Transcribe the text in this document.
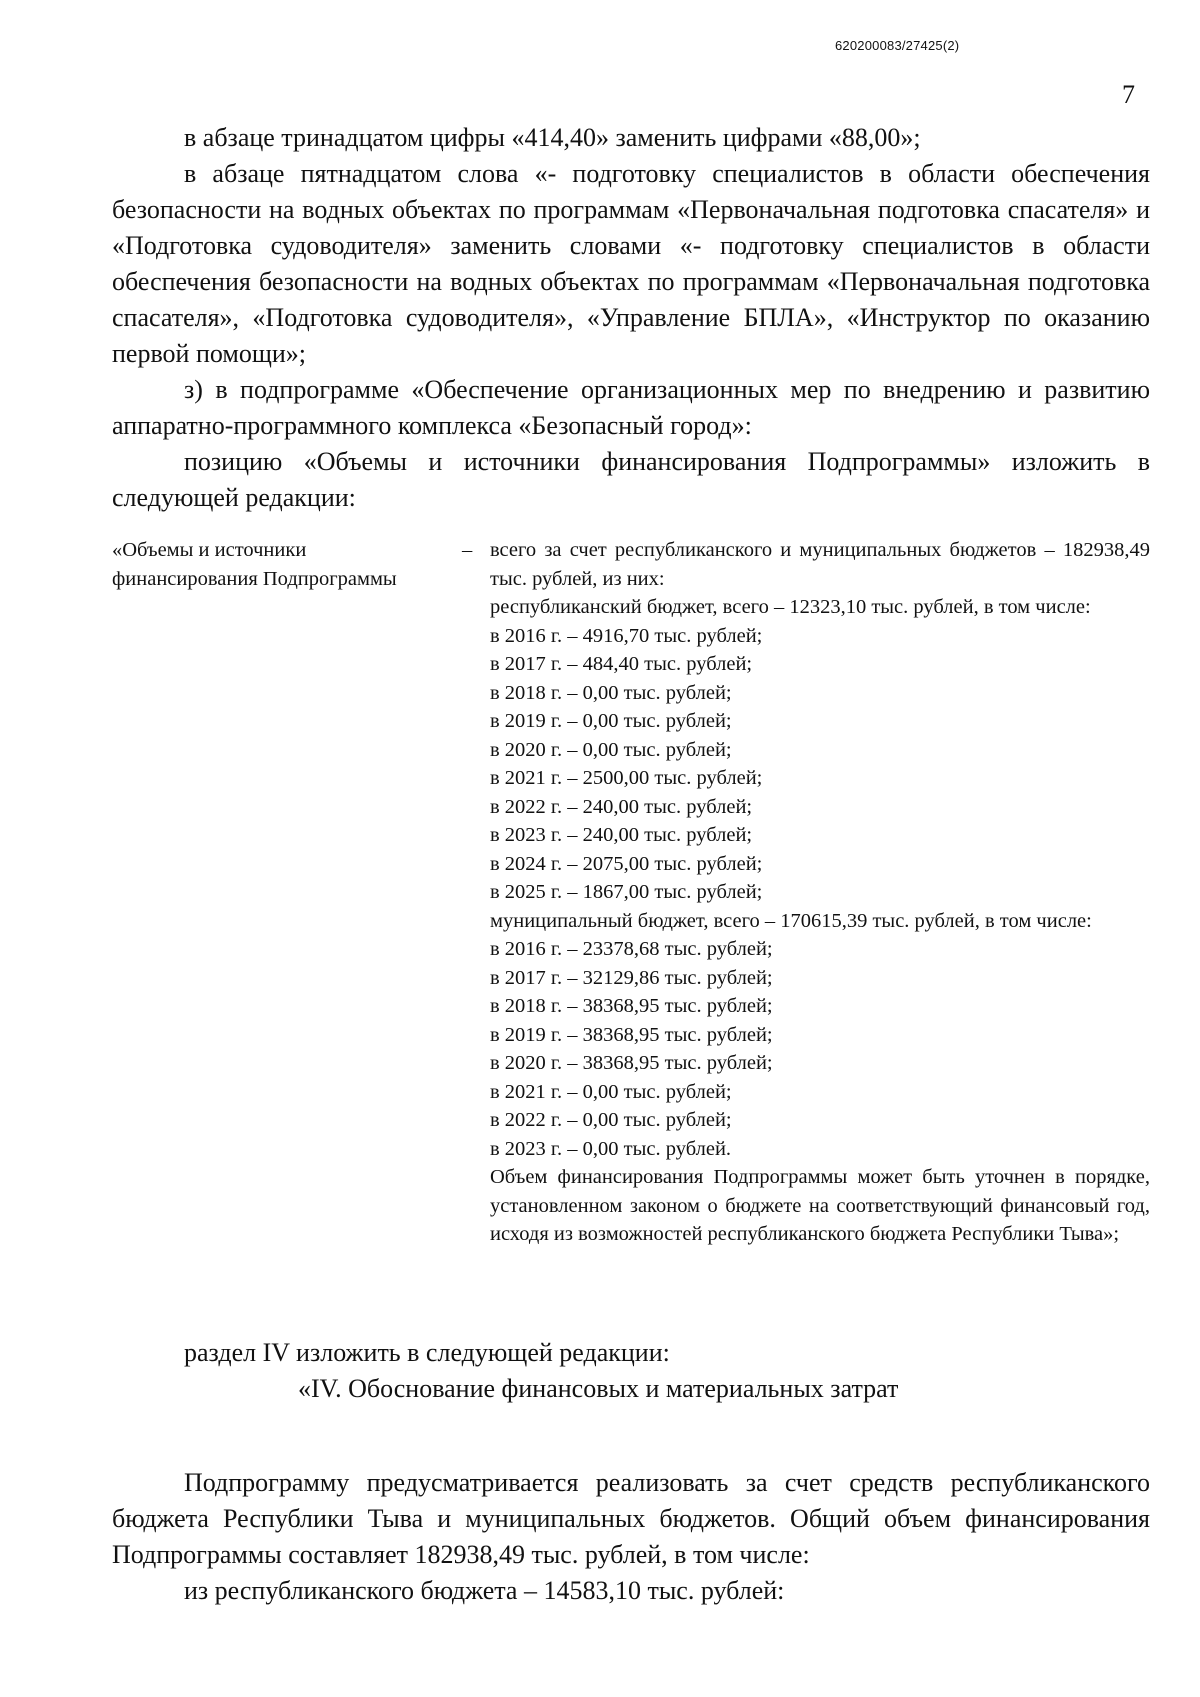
620200083/27425(2)
7

в абзаце тринадцатом цифры «414,40» заменить цифрами «88,00»;

в абзаце пятнадцатом слова «- подготовку специалистов в области обеспечения безопасности на водных объектах по программам «Первоначальная подготовка спасателя» и «Подготовка судоводителя» заменить словами «- подготовку специалистов в области обеспечения безопасности на водных объектах по программам «Первоначальная подготовка спасателя», «Подготовка судоводителя», «Управление БПЛА», «Инструктор по оказанию первой помощи»;

з) в подпрограмме «Обеспечение организационных мер по внедрению и развитию аппаратно-программного комплекса «Безопасный город»:

позицию «Объемы и источники финансирования Подпрограммы» изложить в следующей редакции:

«Объемы и источники финансирования Подпрограммы
– всего за счет республиканского и муниципальных бюджетов – 182938,49 тыс. рублей, из них:

республиканский бюджет, всего – 12323,10 тыс. рублей, в том числе:

в 2016 г. – 4916,70 тыс. рублей;
в 2017 г. – 484,40 тыс. рублей;
в 2018 г. – 0,00 тыс. рублей;
в 2019 г. – 0,00 тыс. рублей;
в 2020 г. – 0,00 тыс. рублей;
в 2021 г. – 2500,00 тыс. рублей;
в 2022 г. – 240,00 тыс. рублей;
в 2023 г. – 240,00 тыс. рублей;
в 2024 г. – 2075,00 тыс. рублей;
в 2025 г. – 1867,00 тыс. рублей;

муниципальный бюджет, всего – 170615,39 тыс. рублей, в том числе:

в 2016 г. – 23378,68 тыс. рублей;
в 2017 г. – 32129,86 тыс. рублей;
в 2018 г. – 38368,95 тыс. рублей;
в 2019 г. – 38368,95 тыс. рублей;
в 2020 г. – 38368,95 тыс. рублей;
в 2021 г. – 0,00 тыс. рублей;
в 2022 г. – 0,00 тыс. рублей;
в 2023 г. – 0,00 тыс. рублей.

Объем финансирования Подпрограммы может быть уточнен в порядке, установленном законом о бюджете на соответствующий финансовый год, исходя из возможностей республиканского бюджета Республики Тыва»;

раздел IV изложить в следующей редакции:

«IV. Обоснование финансовых и материальных затрат

Подпрограмму предусматривается реализовать за счет средств республиканского бюджета Республики Тыва и муниципальных бюджетов. Общий объем финансирования Подпрограммы составляет 182938,49 тыс. рублей, в том числе:

из республиканского бюджета – 14583,10 тыс. рублей:
